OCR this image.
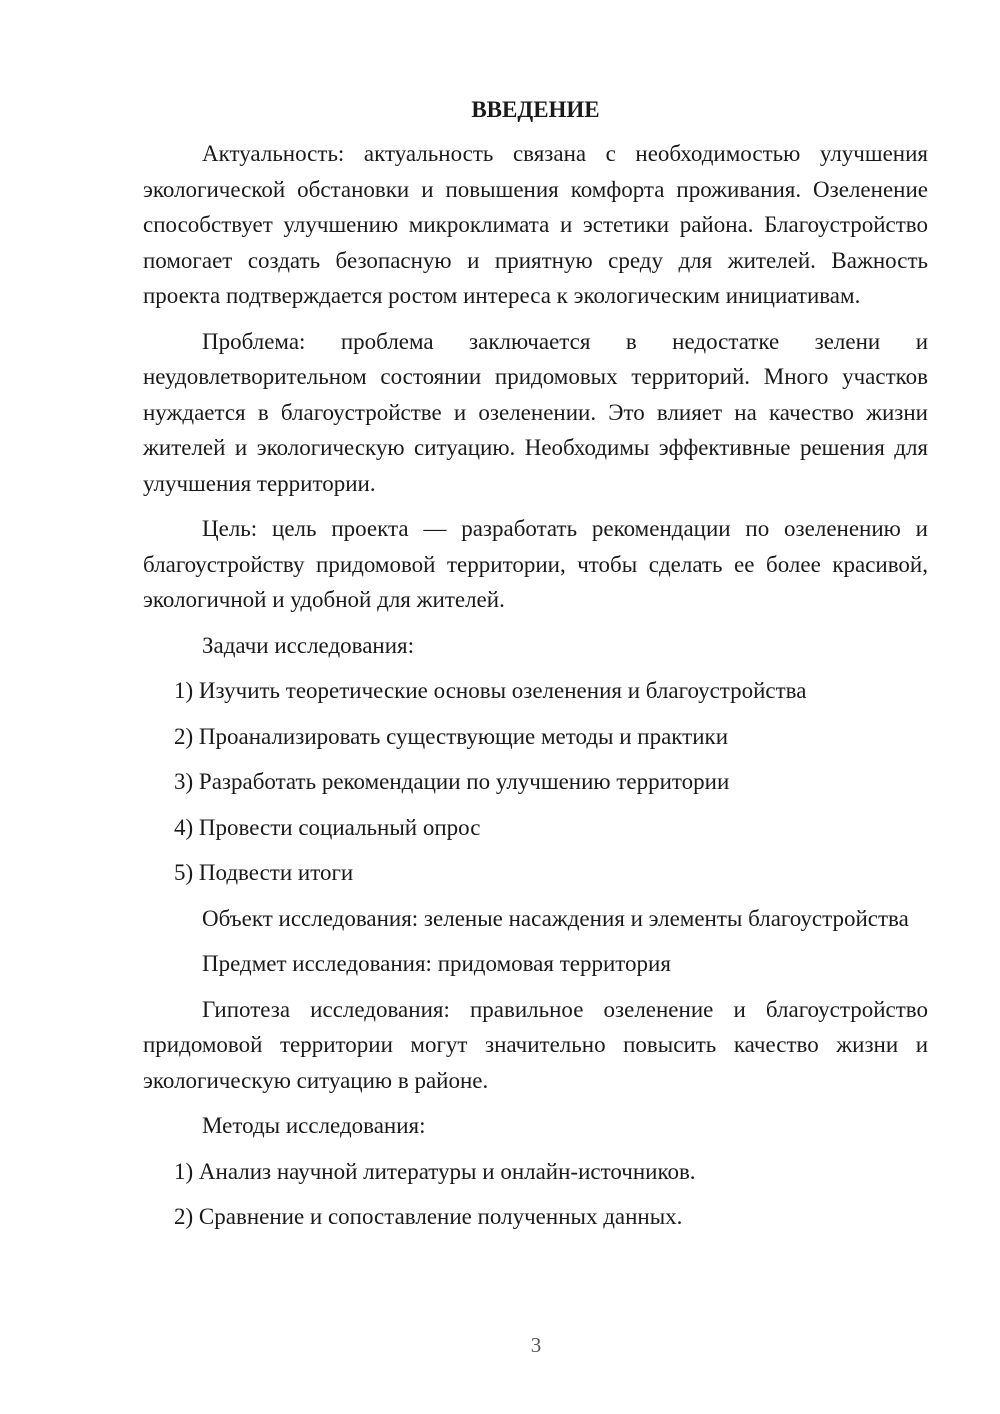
ВВЕДЕНИЕ

Актуальность: актуальность связана с необходимостью улучшения экологической обстановки и повышения комфорта проживания. Озеленение способствует улучшению микроклимата и эстетики района. Благоустройство помогает создать безопасную и приятную среду для жителей. Важность проекта подтверждается ростом интереса к экологическим инициативам.

Проблема: проблема заключается в недостатке зелени и неудовлетворительном состоянии придомовых территорий. Много участков нуждается в благоустройстве и озеленении. Это влияет на качество жизни жителей и экологическую ситуацию. Необходимы эффективные решения для улучшения территории.

Цель: цель проекта — разработать рекомендации по озеленению и благоустройству придомовой территории, чтобы сделать ее более красивой, экологичной и удобной для жителей.

Задачи исследования:

1) Изучить теоретические основы озеленения и благоустройства

2) Проанализировать существующие методы и практики

3) Разработать рекомендации по улучшению территории

4) Провести социальный опрос

5) Подвести итоги

Объект исследования: зеленые насаждения и элементы благоустройства

Предмет исследования: придомовая территория

Гипотеза исследования: правильное озеленение и благоустройство придомовой территории могут значительно повысить качество жизни и экологическую ситуацию в районе.

Методы исследования:

1) Анализ научной литературы и онлайн-источников.

2) Сравнение и сопоставление полученных данных.

3
